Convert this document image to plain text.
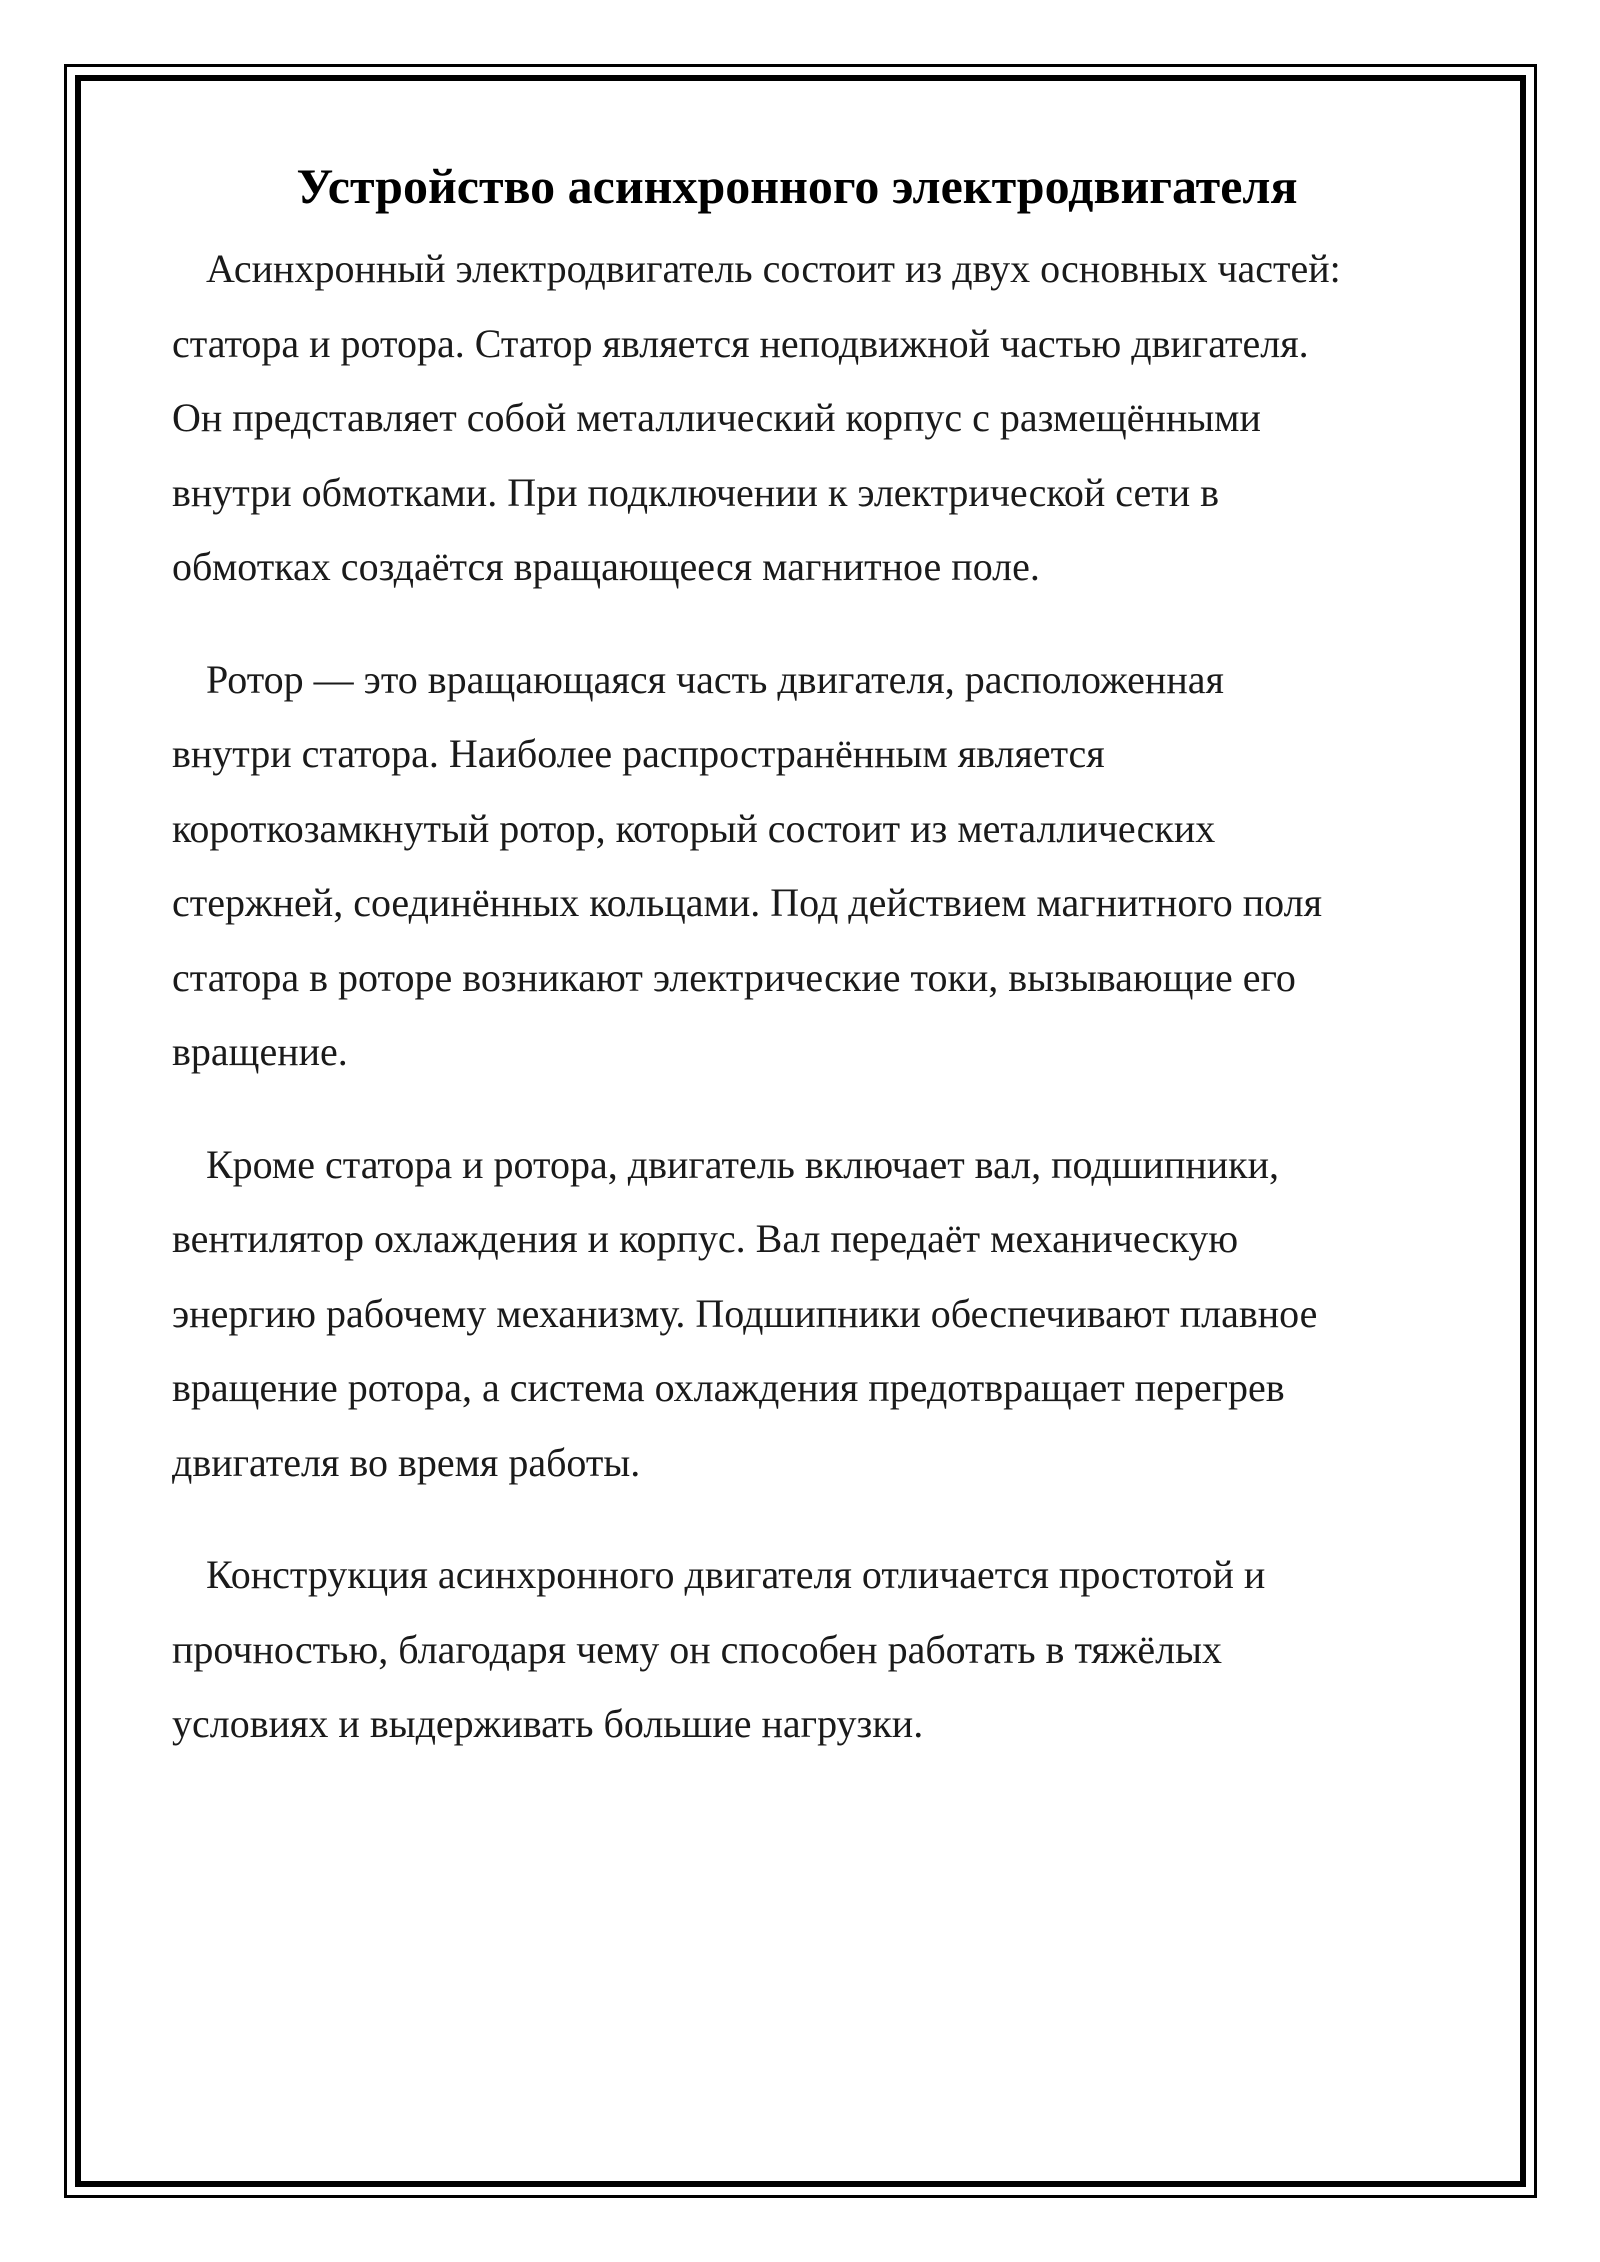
Устройство асинхронного электродвигателя

Асинхронный электродвигатель состоит из двух основных частей:
статора и ротора. Статор является неподвижной частью двигателя.
Он представляет собой металлический корпус с размещёнными
внутри обмотками. При подключении к электрической сети в
обмотках создаётся вращающееся магнитное поле.

Ротор — это вращающаяся часть двигателя, расположенная
внутри статора. Наиболее распространённым является
короткозамкнутый ротор, который состоит из металлических
стержней, соединённых кольцами. Под действием магнитного поля
статора в роторе возникают электрические токи, вызывающие его
вращение.

Кроме статора и ротора, двигатель включает вал, подшипники,
вентилятор охлаждения и корпус. Вал передаёт механическую
энергию рабочему механизму. Подшипники обеспечивают плавное
вращение ротора, а система охлаждения предотвращает перегрев
двигателя во время работы.

Конструкция асинхронного двигателя отличается простотой и
прочностью, благодаря чему он способен работать в тяжёлых
условиях и выдерживать большие нагрузки.
